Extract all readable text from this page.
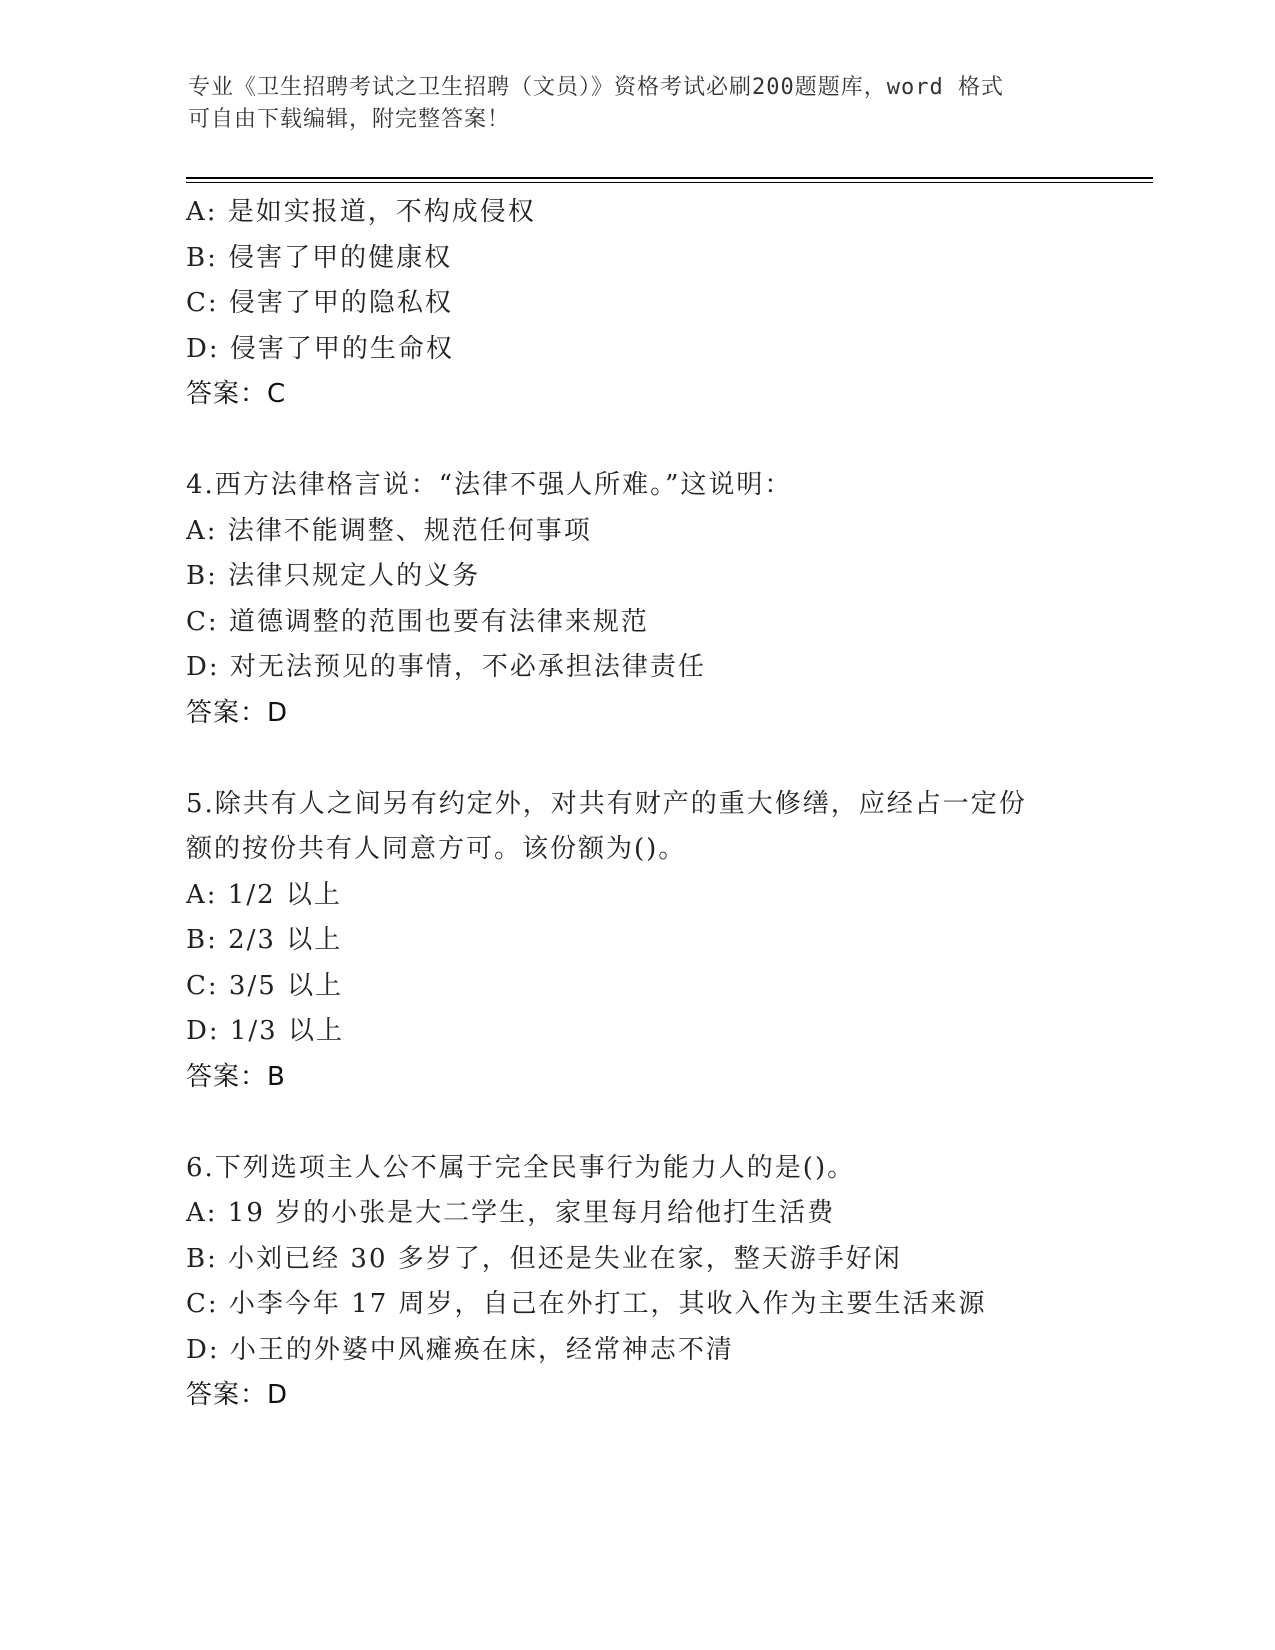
专业《卫生招聘考试之卫生招聘（文员）》资格考试必刷200题题库，word 格式

可自由下载编辑，附完整答案！

A: 是如实报道，不构成侵权
B: 侵害了甲的健康权
C: 侵害了甲的隐私权
D: 侵害了甲的生命权
答案：C
4.西方法律格言说：“法律不强人所难。”这说明：
A: 法律不能调整、规范任何事项
B: 法律只规定人的义务
C: 道德调整的范围也要有法律来规范
D: 对无法预见的事情，不必承担法律责任
答案：D
5.除共有人之间另有约定外，对共有财产的重大修缮，应经占一定份
额的按份共有人同意方可。该份额为()。
A: 1/2 以上
B: 2/3 以上
C: 3/5 以上
D: 1/3 以上
答案：B
6.下列选项主人公不属于完全民事行为能力人的是()。
A: 19 岁的小张是大二学生，家里每月给他打生活费
B: 小刘已经 30 多岁了，但还是失业在家，整天游手好闲
C: 小李今年 17 周岁，自己在外打工，其收入作为主要生活来源
D: 小王的外婆中风瘫痪在床，经常神志不清
答案：D
